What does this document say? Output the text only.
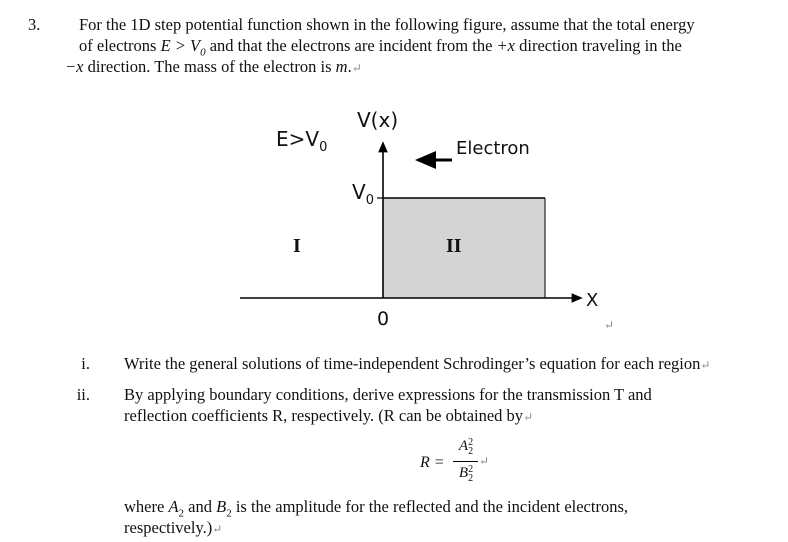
3. For the 1D step potential function shown in the following figure, assume that the total energy
of electrons $E > V_0$ and that the electrons are incident from the +x direction traveling in the
−x direction. The mass of the electron is m.↵
V(x)
$E>V_0$	Electron
$V_0$
I	II
X
0	↵
i. Write the general solutions of time-independent Schrodinger’s equation for each region↵
ii. By applying boundary conditions, derive expressions for the transmission T and
reflection coefficients R, respectively. (R can be obtained by↵
R =
A2
2
B2
2
↵
where $A_2$ and $B_2$ is the amplitude for the reflected and the incident electrons,
respectively.)↵
